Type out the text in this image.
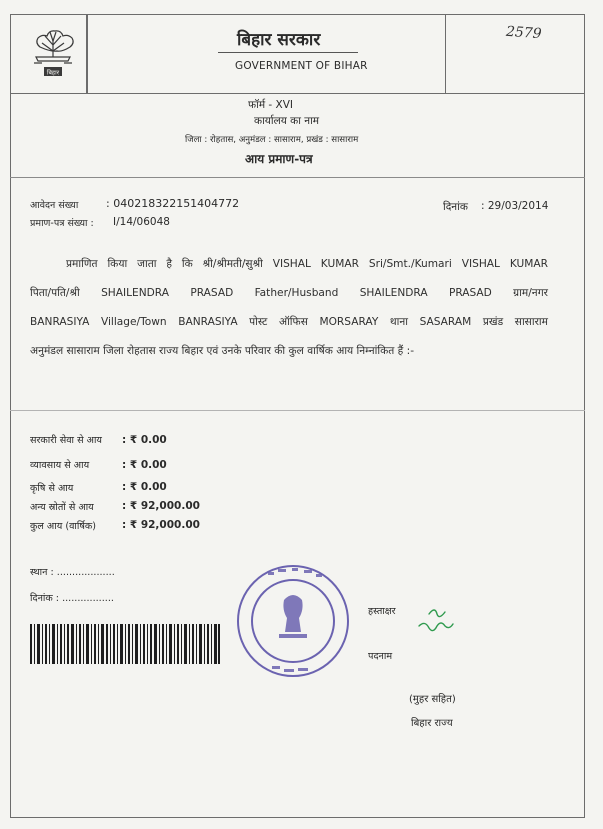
बिहार
2579
बिहार सरकार
GOVERNMENT OF BIHAR
फॉर्म - XVI
कार्यालय का नाम
जिला : रोहतास, अनुमंडल : सासाराम, प्रखंड : सासाराम
आय प्रमाण-पत्र
आवेदन संख्या	: 040218322151404772
प्रमाण-पत्र संख्या : I/14/06048
दिनांक : 29/03/2014
प्रमाणित किया जाता है कि श्री/श्रीमती/सुश्री VISHAL KUMAR Sri/Smt./Kumari VISHAL KUMAR
पिता/पति/श्री SHAILENDRA PRASAD Father/Husband SHAILENDRA PRASAD ग्राम/नगर
BANRASIYA Village/Town BANRASIYA पोस्ट ऑफिस MORSARAY थाना SASARAM प्रखंड सासाराम
अनुमंडल सासाराम जिला रोहतास राज्य बिहार एवं उनके परिवार की कुल वार्षिक आय निम्नांकित हैं :-
सरकारी सेवा से आय : ₹ 0.00
व्यावसाय से आय	: ₹ 0.00
कृषि से आय	: ₹ 0.00
अन्य स्रोतों से आय	: ₹ 92,000.00
कुल आय (वार्षिक) : ₹ 92,000.00
स्थान : ...................
दिनांक : .................
हस्ताक्षर
पदनाम
(मुहर सहित)
बिहार राज्य
